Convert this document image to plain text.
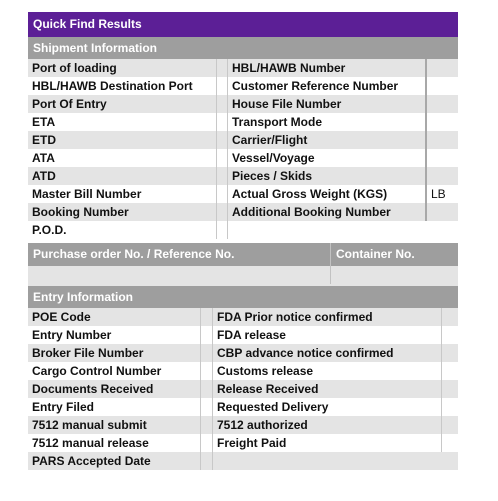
Quick Find Results
Shipment Information
Port of loading	HBL/HAWB Number
HBL/HAWB Destination Port	Customer Reference Number
Port Of Entry	House File Number
ETA	Transport Mode
ETD	Carrier/Flight
ATA	Vessel/Voyage
ATD	Pieces / Skids
Master Bill Number	Actual Gross Weight (KGS)	LB
Booking Number	Additional Booking Number
P.O.D.
Purchase order No. / Reference No.	Container No.
Entry Information
POE Code	FDA Prior notice confirmed
Entry Number	FDA release
Broker File Number	CBP advance notice confirmed
Cargo Control Number	Customs release
Documents Received	Release Received
Entry Filed	Requested Delivery
7512 manual submit	7512 authorized
7512 manual release	Freight Paid
PARS Accepted Date
